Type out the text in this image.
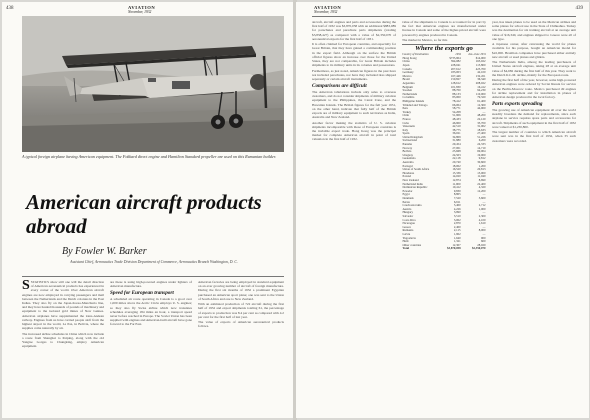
438	AVIATION
November, 1932
A typical foreign airplane having American equipment. The Fokkard direct engine and Hamilton Standard propeller are used on this Rumanian builder.
American aircraft products abroad
By Fowler W. Barker
Assistant Chief, Aeronautics Trade Division Department of Commerce, Aeronautics Branch Washington, D. C.

SSTATISTICS show still one will the detail direction of American aeronautical products has experienced in every corner of the world. Over American aircraft engines are now employed in carrying passengers and mail between the Netherlands and the Dutch colonies in the East Indies. They also fly on the Japan-Korea-Manchuria line, and they have hauled thousands of pounds of machinery and equipment to the isolated gold mines of New Guinea. American airplanes have supplemented the trans-Andean railway. Engines from us have carried people aloft from the highest airport in the world, La Paz, in Bolivia, where the supplies come naturally by air.

The increased airline schedules in China which now include a route from Shanghai to Peiping, along with the old Yangtse Gorges to Chungking, employ American equipment.

are these is using high-powered engines under lighters of American manufacture.

Speed for European transport

A scheduled air route operating in Canada is a good over 1,000 miles above the Arctic Circle employs U. S. engines; so they also fly Swiss airline which now translates schedules averaging 184 miles an hour, a transport speed never before reached in Europe. The Soviet Union has been supplied with engines and American-built aircraft have gone forward to the Far East.

American factories are being employed in standard equipment on an ever growing number of aircraft of foreign manufacture. During the first six months of 1932 a prominent Egyptian purchased an American sport plane; one was sent to the Union of South Africa and one to New Zealand.

With an estimated production of 722 aircraft during the first half of 1932 and export shipments totaling 61, the percentage of exports to production was 8.4 per cent as compared with 4.2 per cent for the first half of last year.

The value of exports of American aeronautical products follows.

AVIATION
November, 1932
439

aircraft, aircraft engines and parts and accessories during the first half of 1932 was $3,870,058 with an additional $883,089 for parachutes and parachute parts shipments (totaling $3,838,427) as compared with a value of $2,350,070 of aeronautical exports for the first half of 1931.

It is often claimed for European countries, and especially for Great Britain, that they have gained a commanding position in the export field. Although on the surface the British official figures show an increase over those for the United States, they are not comparable, for Great Britain includes shipments to its military units in its colonies and possessions.

Furthermore, as just noted, American figures in the past have not included parachutes, nor have they included tires shipped separately or certain aircraft instruments.

Comparisons are difficult

The American tabulations include only sales to overseas customers, and do not consider shipments of military aviation equipment to the Philippines, the Canal Zone, and the Hawaiian Islands. The British figures for the full year 1931, on the other hand, indicate that fully half of the British exports are of military equipment to such territories as India, Australia and New Zealand.

Another factor making the statistics of U. S. aviation shipments incomparable with those of European countries is the invisible export trade. Hong Kong was the principal market for complete American aircraft in point of total valuation in the first half of 1932.

value of the shipments to Canada is accounted for in part by the fact that American engines are manufactured under license in Canada and some of the higher-priced aircraft were powered by engines produced in Canada.

The market in Mexico, so far this

Where the exports go
Country of Destination	1932	Jan.-June 1931
Hong Kong	$735,904	$14,000
China	394,082	163,022
Japan	228,041	113,800
Canada	207,612	425,700
Germany	183,003	42,100
Mexico	167,446	132,451
Brazil	150,827	36,340
Argentina	128,612	208,022
Belgium	101,830	16,412
Sweden	88,700	94,230
Netherlands	88,133	110,000
Colombia	83,000	79,320
Philippine Islands	78,412	61,400
Trinidad and Tobago	66,004	12,300
Peru	58,771	44,900
Turkey	54,208	—
Chile	51,906	48,200
France	48,433	22,120
Cuba	46,900	33,700
Venezuela	42,510	31,002
Italy	38,775	18,633
Spain	36,021	27,400
United Kingdom	34,809	51,226
Switzerland	31,880	6,200
Panama	29,454	24,333
Norway	27,001	14,710
Bolivia	25,668	69,004
Uruguay	24,503	19,000
Guatemala	22,118	9,812
Australia	20,740	30,600
Portugal	18,002	1,200
Union of South Africa	16,520	20,813
Honduras	15,336	13,000
Poland	14,020	11,040
New Zealand	12,874	8,690
Netherland India	11,900	22,400
Dominican Republic	10,412	4,320
Ecuador	9,830	12,200
Egypt	8,805	—
Denmark	7,520	3,600
Persia	6,911	—
Czechoslovakia	5,400	2,712
Austria	4,226	1,000
Hungary	3,990	—
Salvador	3,510	2,300
Costa Rica	3,002	4,100
Nicaragua	2,870	1,610
Greece	2,400	—
Rumania	2,115	8,000
Latvia	1,902	—
Yugoslavia	1,640	900
Haiti	1,321	600
Other countries	12,307	28,020
Total	$3,870,058	$2,350,070

year, has taken planes to be used on the Mexican airlines and some planes for school use in the State of Chihuahua. Turkey was the destination for six training aircraft at an average unit value of $16,340, and engines shipped to Greece were all of one type.

A Japanese owner, after canvassing the world for planes available for his purpose, bought an American model for $22,000. Brazilian companies have purchased either entirely new aircraft or used planes and gliders.

The Netherlands India, among the leading purchasers of United States aircraft engines, taking 28 at an average unit value of $4,682 during the first half of this year. They went to the Dutch K.L.M. airline, mainly for the European route.

During the first half of the year, however, some high-powered American engines were ordered by Soviet Russia for service on the Berlin-Moscow route. Mexico purchased 49 engines for airline replacement and for installation in planes of American design produced in the local factory.

Parts exports spreading

The growing use of American equipment all over the world steadily broadens the demand for replacements, since each airplane in service requires spare parts and accessories for aircraft. Shipments of such equipment in the first half of 1932 were valued at $1,230,800.

The largest number of countries to which American aircraft were sent was in the first half of 1932, when 35 such customers were recorded.
